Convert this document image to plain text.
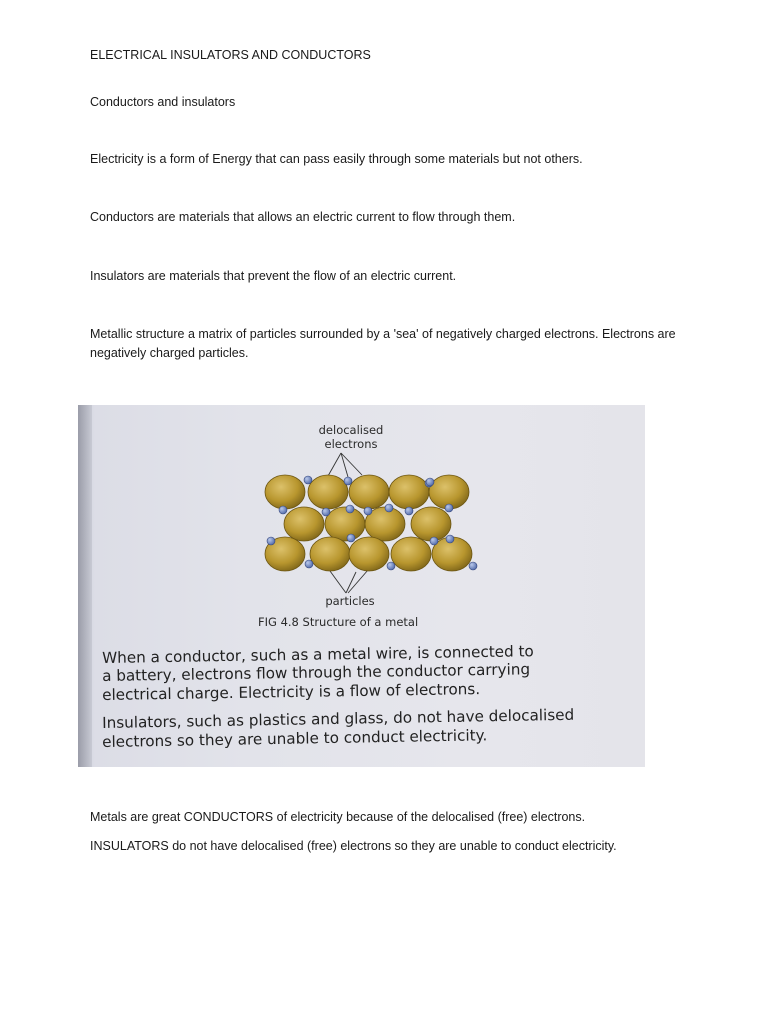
ELECTRICAL INSULATORS AND CONDUCTORS

Conductors and insulators

Electricity is a form of Energy that can pass easily through some materials but not others.

Conductors are materials that allows an electric current to flow through them.

Insulators are materials that prevent the flow of an electric current.

Metallic structure a matrix of particles surrounded by a 'sea' of negatively charged electrons. Electrons are negatively charged particles.

delocalised

electrons

particles

FIG 4.8 Structure of a metal

When a conductor, such as a metal wire, is connected to

a battery, electrons flow through the conductor carrying

electrical charge. Electricity is a flow of electrons.

Insulators, such as plastics and glass, do not have delocalised

electrons so they are unable to conduct electricity.

Metals are great CONDUCTORS of electricity because of the delocalised (free) electrons.

INSULATORS do not have delocalised (free) electrons so they are unable to conduct electricity.
